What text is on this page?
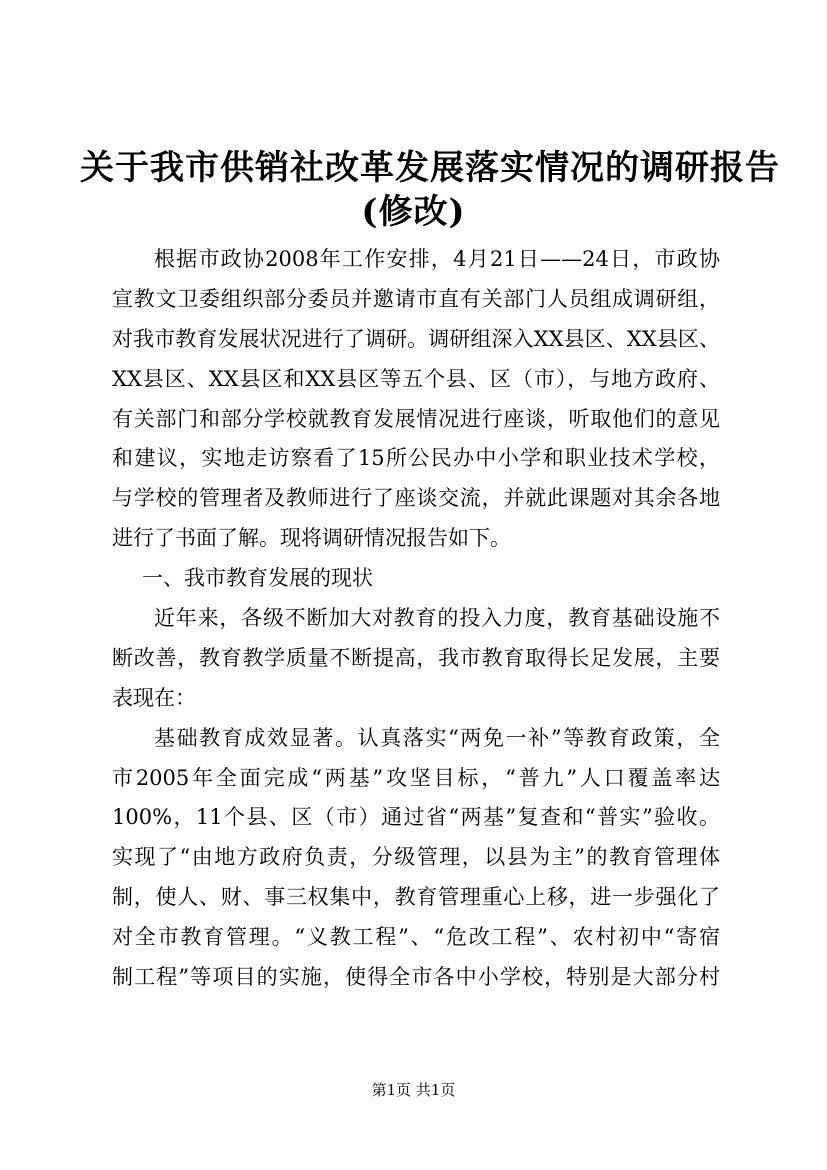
关于我市供销社改革发展落实情况的调研报告
(修改)
根据市政协2008年工作安排，4月21日——24日，市政协
宣教文卫委组织部分委员并邀请市直有关部门人员组成调研组，
对我市教育发展状况进行了调研。调研组深入XX县区、XX县区、
XX县区、XX县区和XX县区等五个县、区（市），与地方政府、
有关部门和部分学校就教育发展情况进行座谈，听取他们的意见
和建议，实地走访察看了15所公民办中小学和职业技术学校，
与学校的管理者及教师进行了座谈交流，并就此课题对其余各地
进行了书面了解。现将调研情况报告如下。
一、我市教育发展的现状
近年来，各级不断加大对教育的投入力度，教育基础设施不
断改善，教育教学质量不断提高，我市教育取得长足发展，主要
表现在：
基础教育成效显著。认真落实“两免一补”等教育政策，全
市2005年全面完成“两基”攻坚目标，“普九”人口覆盖率达
100%，11个县、区（市）通过省“两基”复查和“普实”验收。
实现了“由地方政府负责，分级管理，以县为主”的教育管理体
制，使人、财、事三权集中，教育管理重心上移，进一步强化了
对全市教育管理。“义教工程”、“危改工程”、农村初中“寄宿
制工程”等项目的实施，使得全市各中小学校，特别是大部分村
第1页 共1页
